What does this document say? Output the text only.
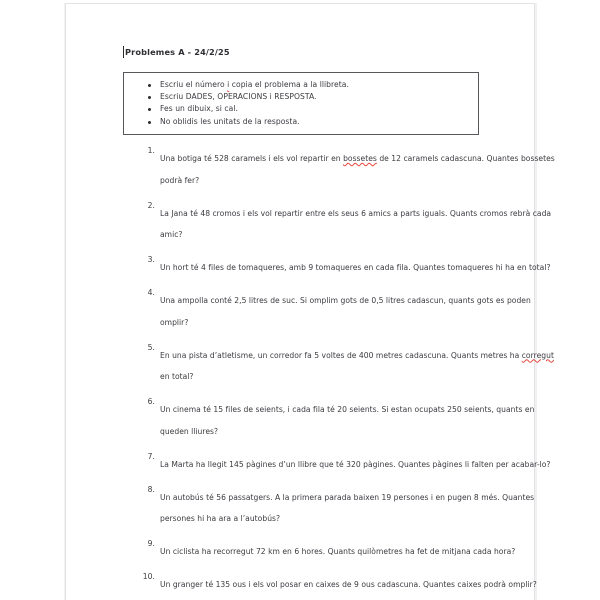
Problemes A - 24/2/25
Escriu el número i copia el problema a la llibreta.
Escriu DADES, OPERACIONS i RESPOSTA.
Fes un dibuix, si cal.
No oblidis les unitats de la resposta.
1.
Una botiga té 528 caramels i els vol repartir en bossetes de 12 caramels cadascuna. Quantes bossetes podrà fer?
2.
La Jana té 48 cromos i els vol repartir entre els seus 6 amics a parts iguals. Quants cromos rebrà cada amic?
3.
Un hort té 4 files de tomaqueres, amb 9 tomaqueres en cada fila. Quantes tomaqueres hi ha en total?
4.
Una ampolla conté 2,5 litres de suc. Si omplim gots de 0,5 litres cadascun, quants gots es poden omplir?
5.
En una pista d’atletisme, un corredor fa 5 voltes de 400 metres cadascuna. Quants metres ha corregut en total?
6.
Un cinema té 15 files de seients, i cada fila té 20 seients. Si estan ocupats 250 seients, quants en queden lliures?
7.
La Marta ha llegit 145 pàgines d’un llibre que té 320 pàgines. Quantes pàgines li falten per acabar-lo?
8.
Un autobús té 56 passatgers. A la primera parada baixen 19 persones i en pugen 8 més. Quantes persones hi ha ara a l’autobús?
9.
Un ciclista ha recorregut 72 km en 6 hores. Quants quilòmetres ha fet de mitjana cada hora?
10.
Un granger té 135 ous i els vol posar en caixes de 9 ous cadascuna. Quantes caixes podrà omplir?
